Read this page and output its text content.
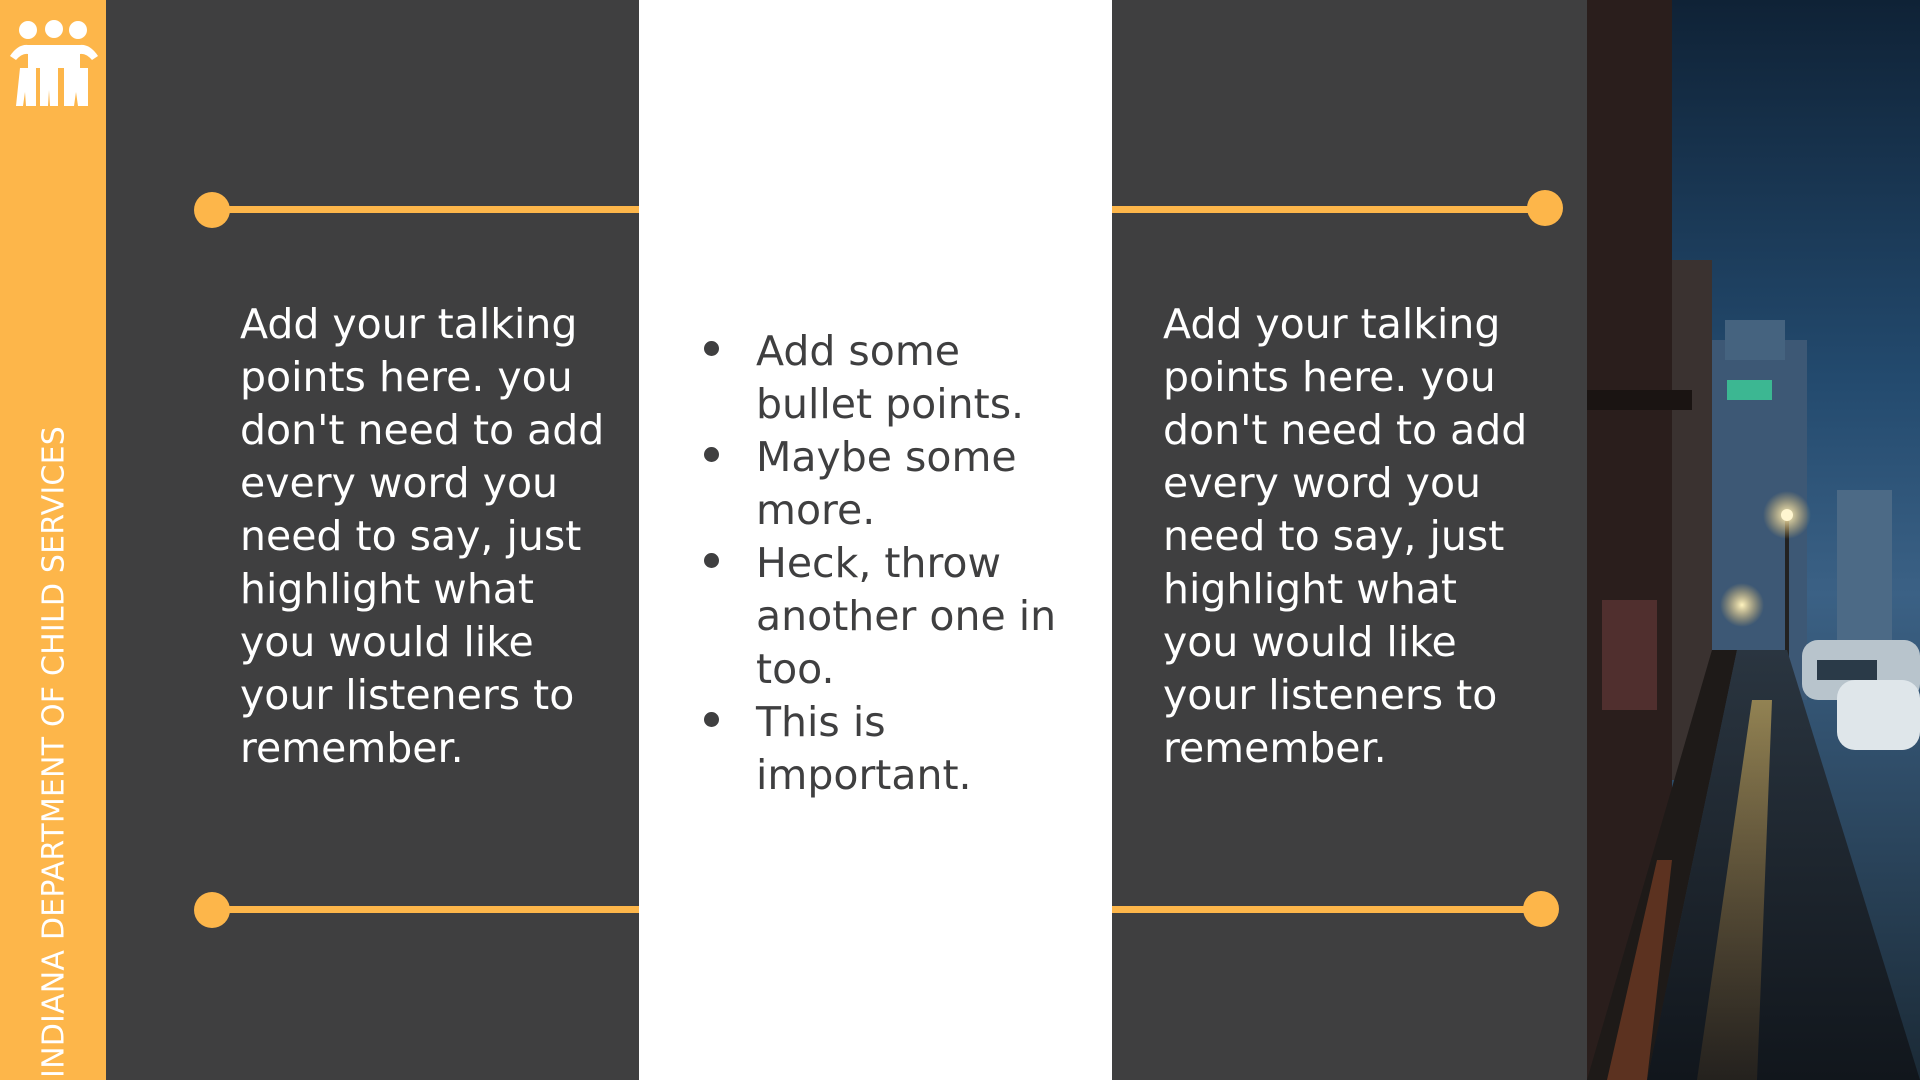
INDIANA DEPARTMENT OF CHILD SERVICES
Add your talking points here. you don't need to add every word you need to say, just highlight what you would like your listeners to remember.
Add some bullet points.
Maybe some more.
Heck, throw another one in too.
This is important.
Add your talking points here. you don't need to add every word you need to say, just highlight what you would like your listeners to remember.
